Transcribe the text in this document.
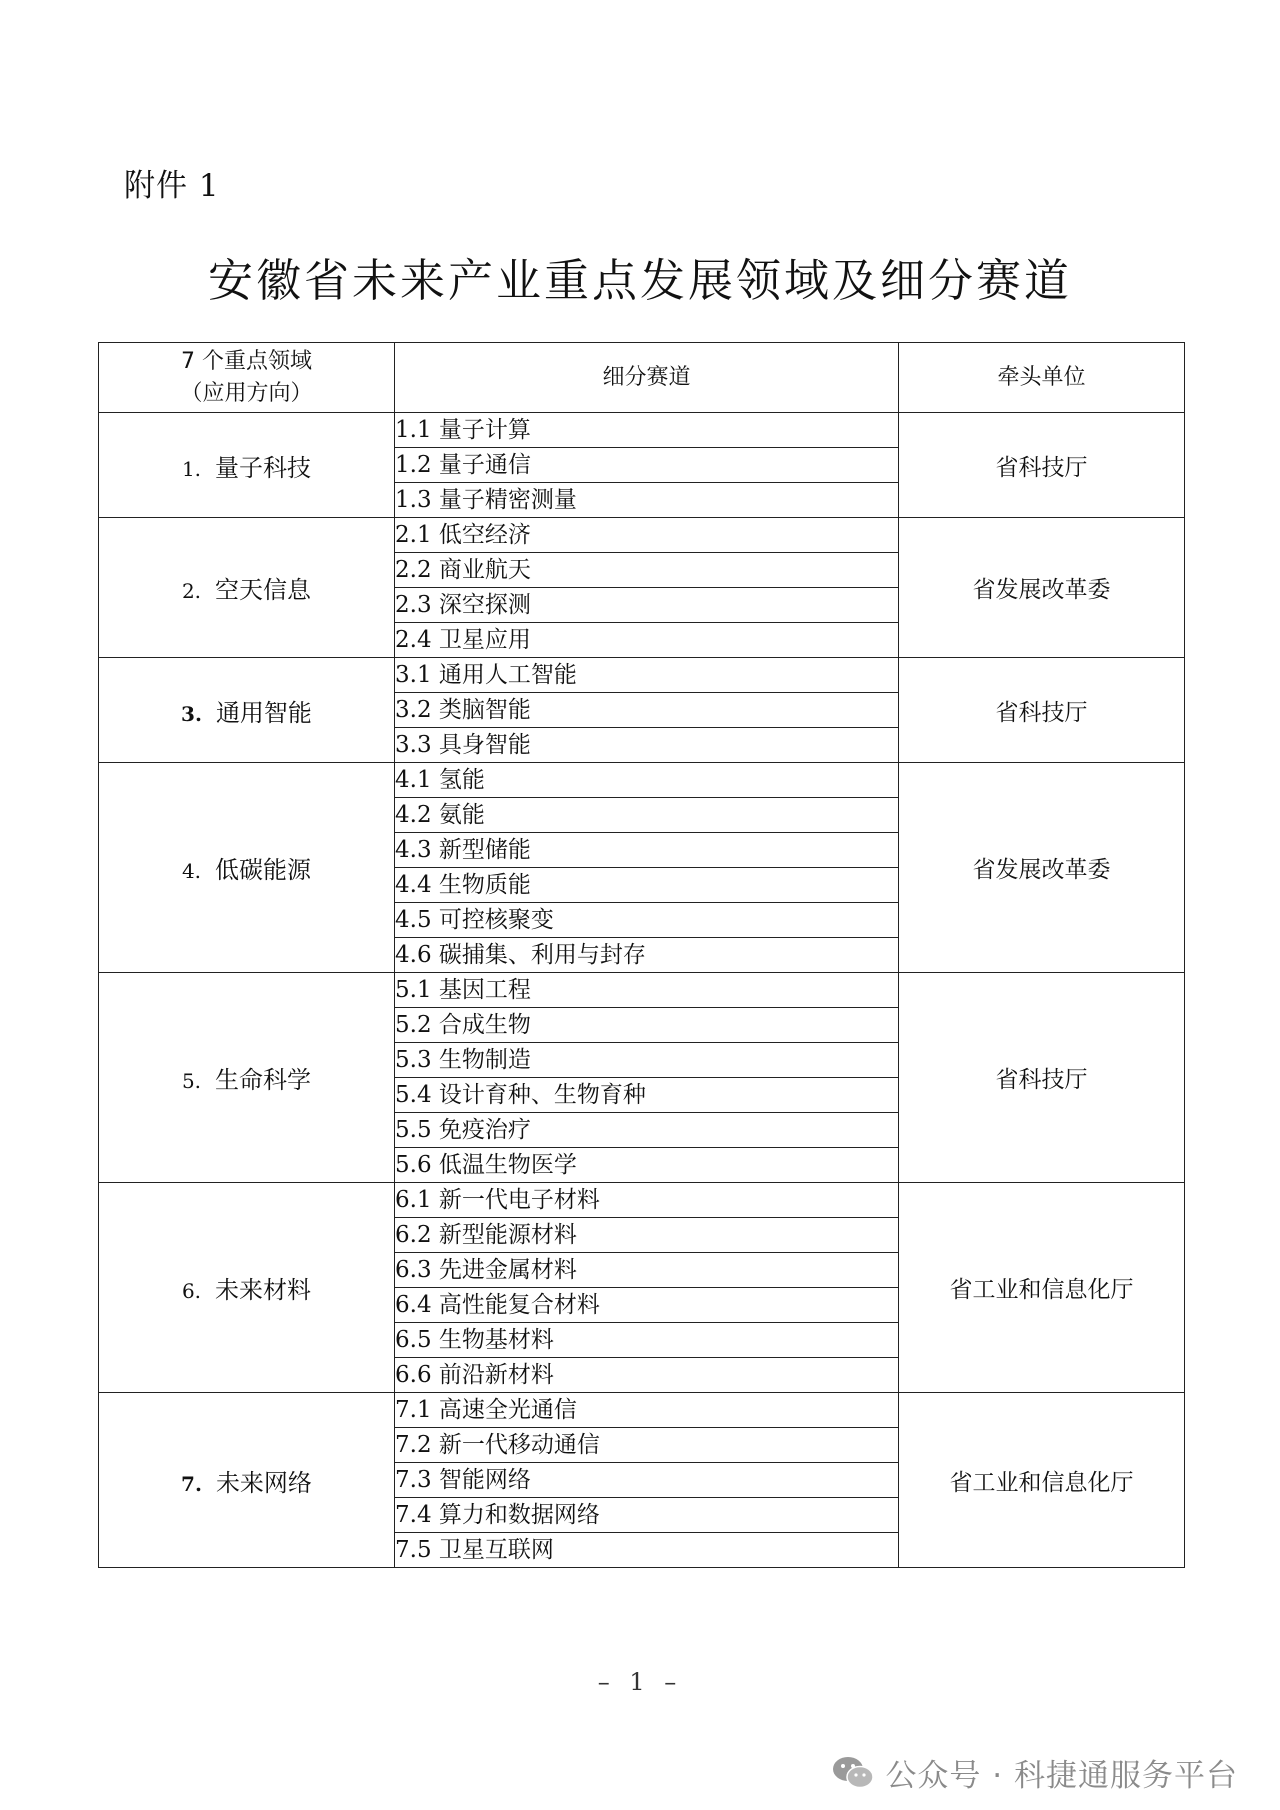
附件 1
安徽省未来产业重点发展领域及细分赛道
7 个重点领域
（应用方向）	细分赛道	牵头单位
1. 量子科技	1.1 量子计算	省科技厅
	1.2 量子通信	
	1.3 量子精密测量	
2. 空天信息	2.1 低空经济	省发展改革委
	2.2 商业航天	
	2.3 深空探测	
	2.4 卫星应用	
3. 通用智能	3.1 通用人工智能	省科技厅
	3.2 类脑智能	
	3.3 具身智能	
4. 低碳能源	4.1 氢能	省发展改革委
	4.2 氨能	
	4.3 新型储能	
	4.4 生物质能	
	4.5 可控核聚变	
	4.6 碳捕集、利用与封存	
5. 生命科学	5.1 基因工程	省科技厅
	5.2 合成生物	
	5.3 生物制造	
	5.4 设计育种、生物育种	
	5.5 免疫治疗	
	5.6 低温生物医学	
6. 未来材料	6.1 新一代电子材料	省工业和信息化厅
	6.2 新型能源材料	
	6.3 先进金属材料	
	6.4 高性能复合材料	
	6.5 生物基材料	
	6.6 前沿新材料	
7. 未来网络	7.1 高速全光通信	省工业和信息化厅
	7.2 新一代移动通信	
	7.3 智能网络	
	7.4 算力和数据网络	
	7.5 卫星互联网	
– 1 –
公众号 · 科捷通服务平台
